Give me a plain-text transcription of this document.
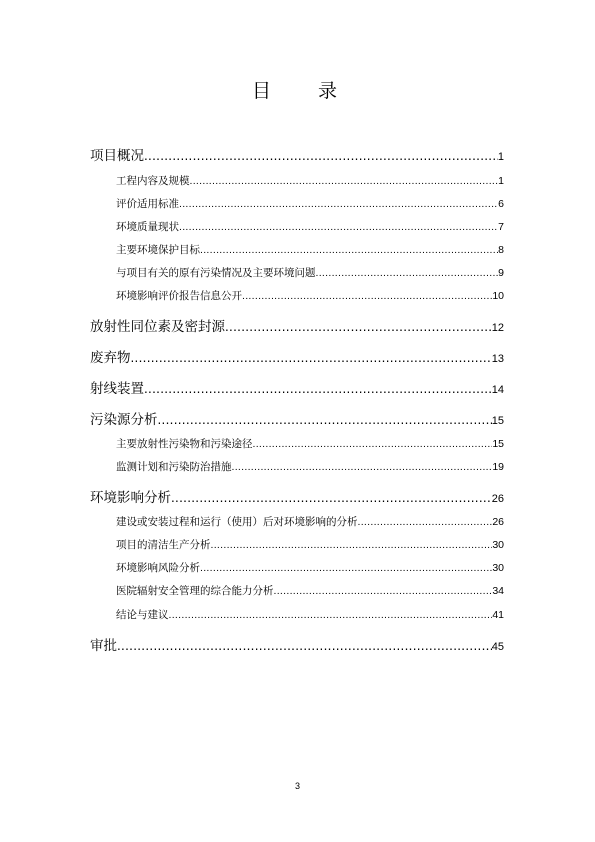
目 录
项目概况 .....	1
工程内容及规模 .....	1
评价适用标准 .....	6
环境质量现状 .....	7
主要环境保护目标 .....	8
与项目有关的原有污染情况及主要环境问题 .....	9
环境影响评价报告信息公开 .....	10
放射性同位素及密封源 .....	12
废弃物 .....	13
射线装置 .....	14
污染源分析 .....	15
主要放射性污染物和污染途径 .....	15
监测计划和污染防治措施 .....	19
环境影响分析 .....	26
建设或安装过程和运行（使用）后对环境影响的分析 .....	26
项目的清洁生产分析 .....	30
环境影响风险分析 .....	30
医院辐射安全管理的综合能力分析 .....	34
结论与建议 .....	41
审批 .....	45
3
